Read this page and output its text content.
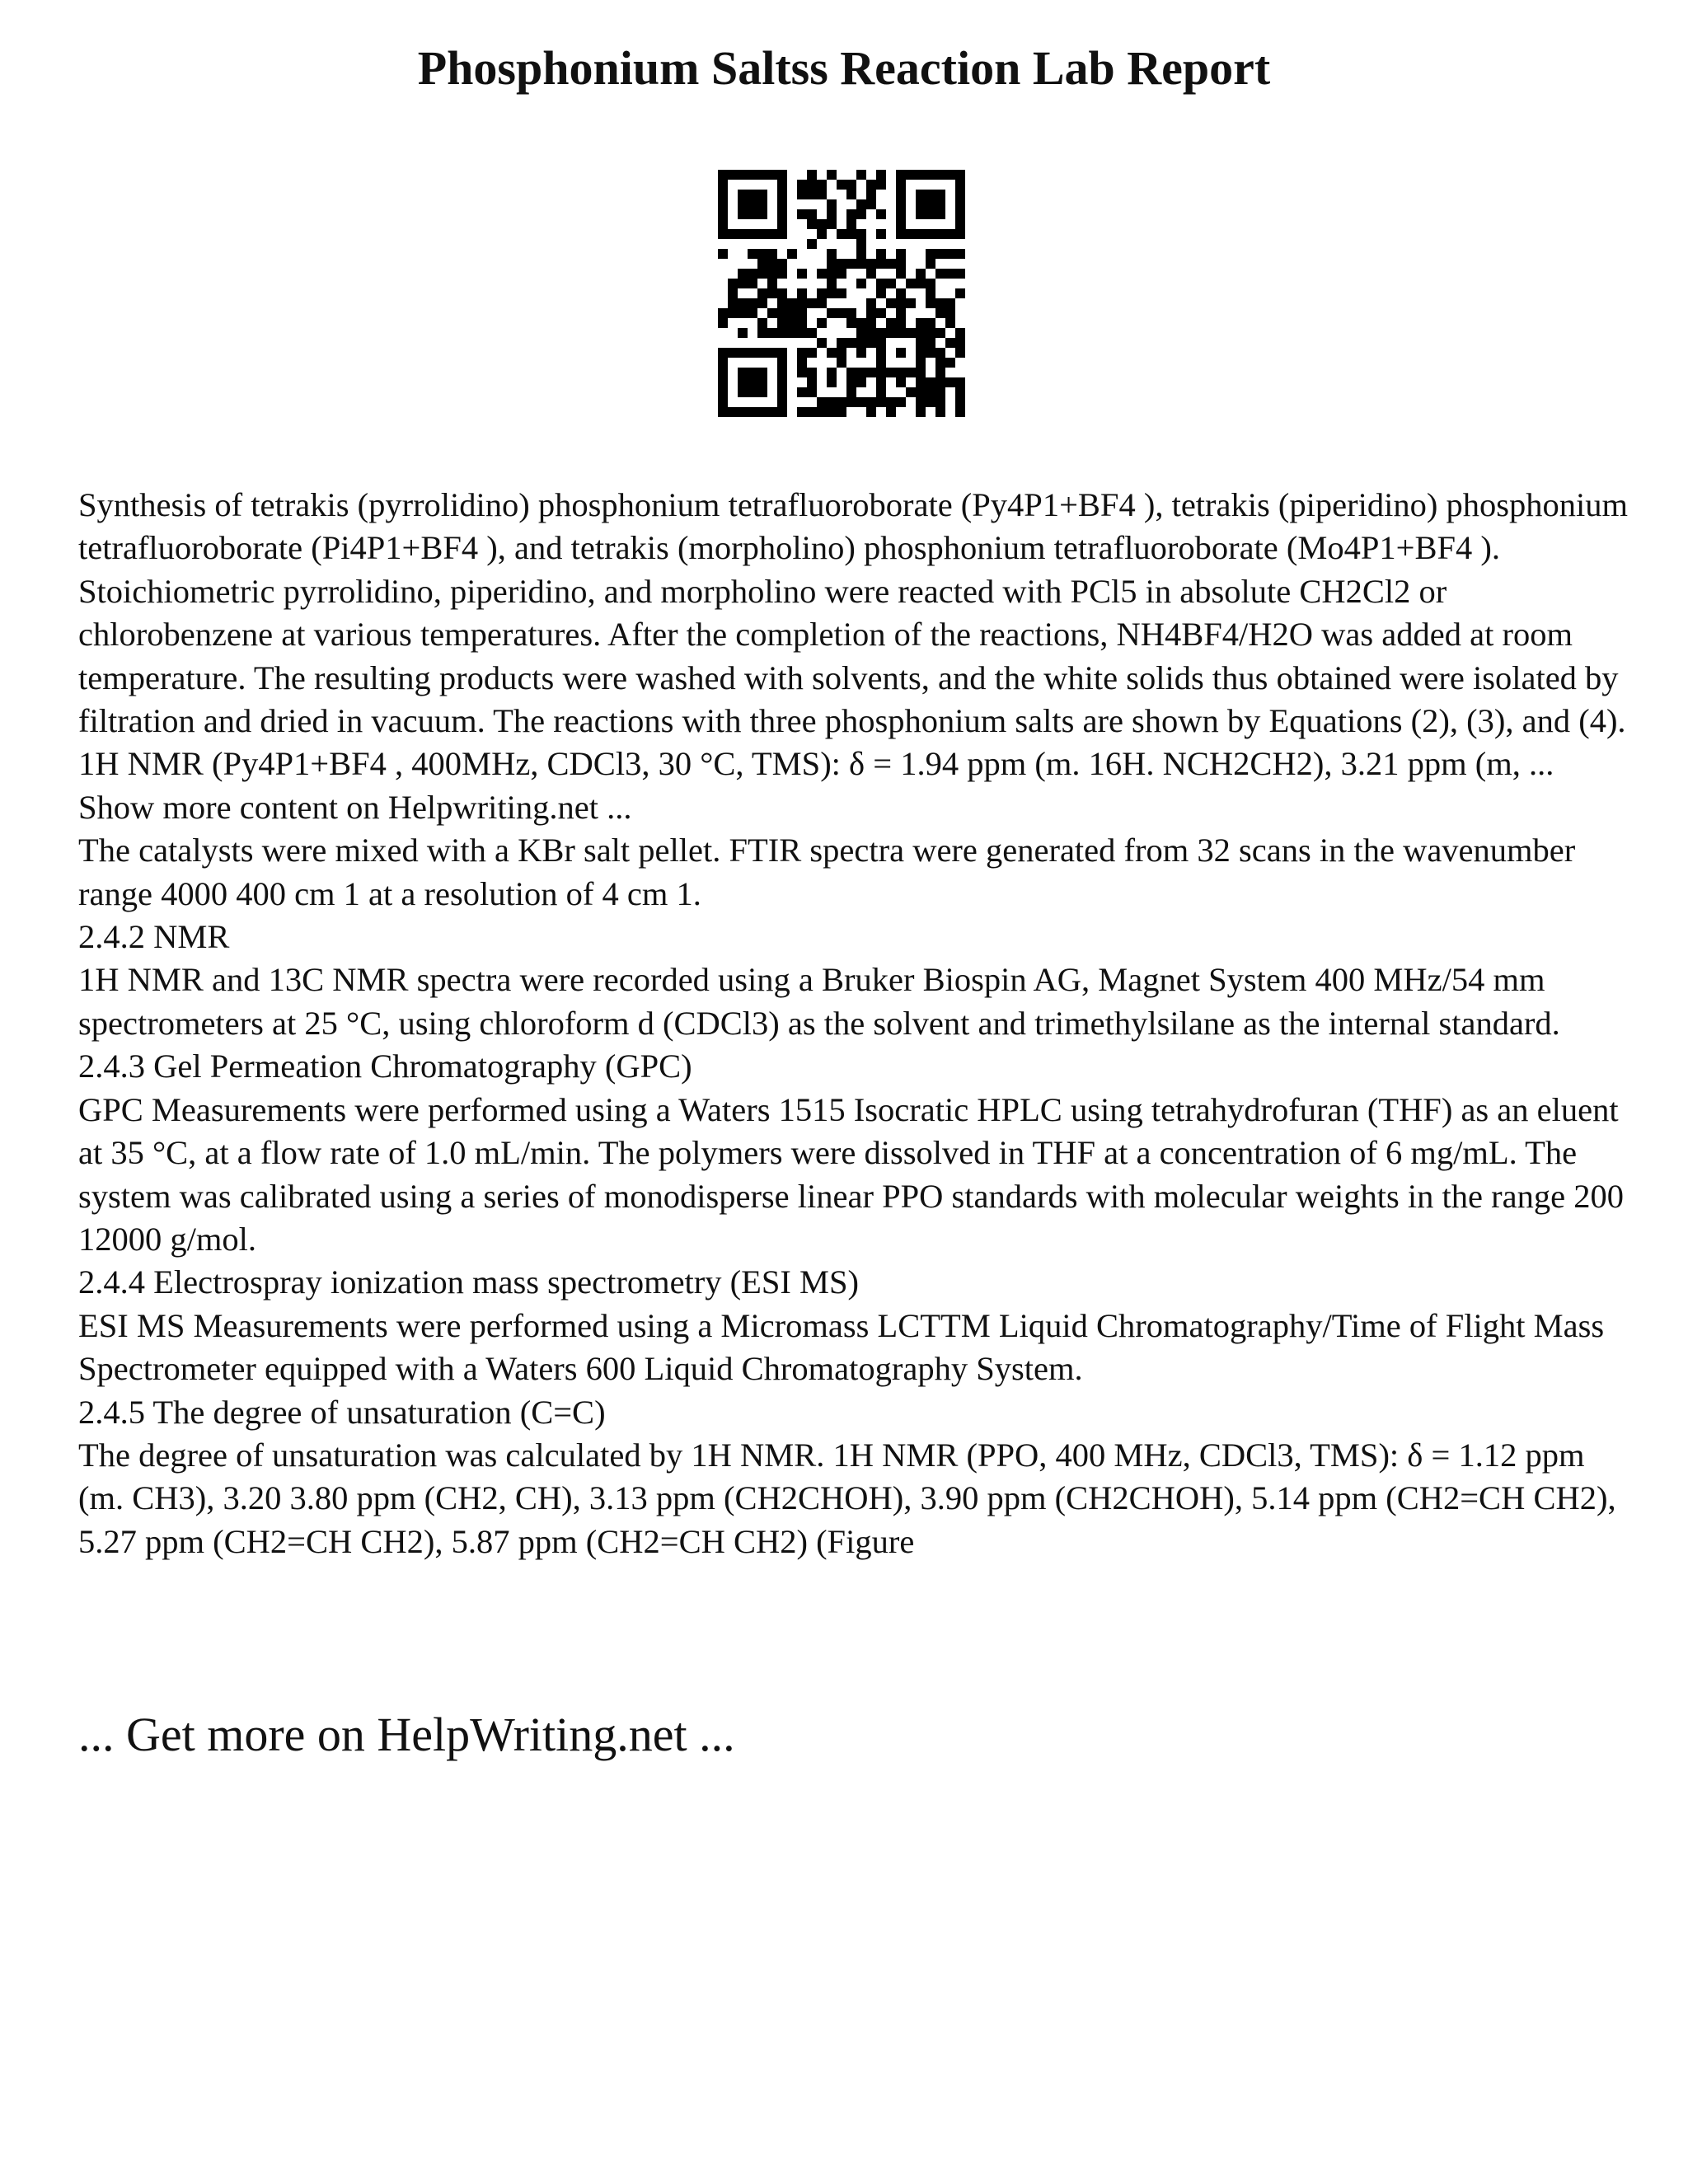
Phosphonium Saltss Reaction Lab Report

Synthesis of tetrakis (pyrrolidino) phosphonium tetrafluoroborate (Py4P1+BF4 ), tetrakis (piperidino) phosphonium tetrafluoroborate (Pi4P1+BF4 ), and tetrakis (morpholino) phosphonium tetrafluoroborate (Mo4P1+BF4 ).

Stoichiometric pyrrolidino, piperidino, and morpholino were reacted with PCl5 in absolute CH2Cl2 or chlorobenzene at various temperatures. After the completion of the reactions, NH4BF4/H2O was added at room temperature. The resulting products were washed with solvents, and the white solids thus obtained were isolated by filtration and dried in vacuum. The reactions with three phosphonium salts are shown by Equations (2), (3), and (4). 1H NMR (Py4P1+BF4 , 400MHz, CDCl3, 30 °C, TMS): δ = 1.94 ppm (m. 16H. NCH2CH2), 3.21 ppm (m, ... Show more content on Helpwriting.net ...

The catalysts were mixed with a KBr salt pellet. FTIR spectra were generated from 32 scans in the wavenumber range 4000 400 cm 1 at a resolution of 4 cm 1.

2.4.2 NMR

1H NMR and 13C NMR spectra were recorded using a Bruker Biospin AG, Magnet System 400 MHz/54 mm spectrometers at 25 °C, using chloroform d (CDCl3) as the solvent and trimethylsilane as the internal standard.

2.4.3 Gel Permeation Chromatography (GPC)

GPC Measurements were performed using a Waters 1515 Isocratic HPLC using tetrahydrofuran (THF) as an eluent at 35 °C, at a flow rate of 1.0 mL/min. The polymers were dissolved in THF at a concentration of 6 mg/mL. The system was calibrated using a series of monodisperse linear PPO standards with molecular weights in the range 200 12000 g/mol.

2.4.4 Electrospray ionization mass spectrometry (ESI MS)

ESI MS Measurements were performed using a Micromass LCTTM Liquid Chromatography/Time of Flight Mass Spectrometer equipped with a Waters 600 Liquid Chromatography System.

2.4.5 The degree of unsaturation (C=C)

The degree of unsaturation was calculated by 1H NMR. 1H NMR (PPO, 400 MHz, CDCl3, TMS): δ = 1.12 ppm (m. CH3), 3.20 3.80 ppm (CH2, CH), 3.13 ppm (CH2CHOH), 3.90 ppm (CH2CHOH), 5.14 ppm (CH2=CH CH2), 5.27 ppm (CH2=CH CH2), 5.87 ppm (CH2=CH CH2) (Figure

... Get more on HelpWriting.net ...
